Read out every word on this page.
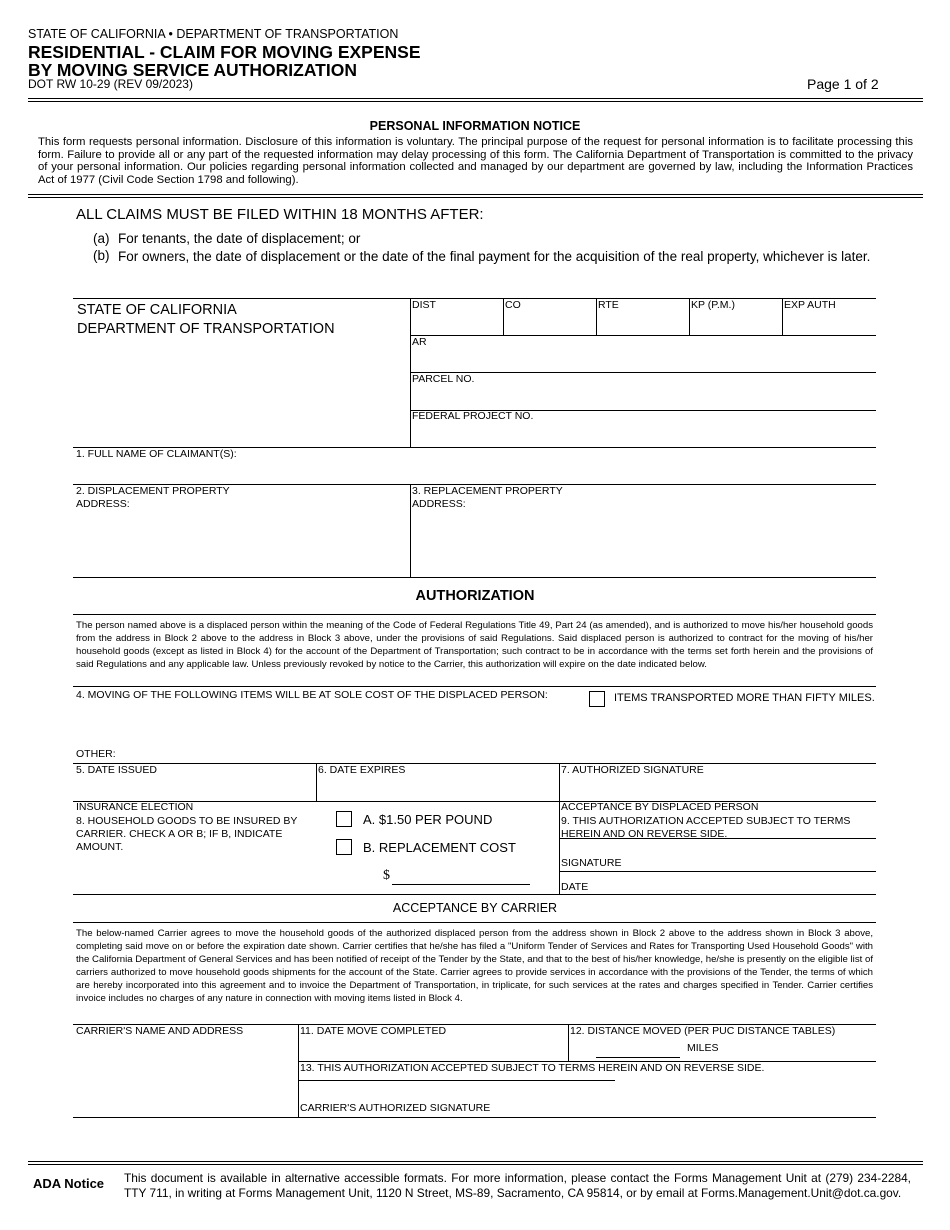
STATE OF CALIFORNIA • DEPARTMENT OF TRANSPORTATION
RESIDENTIAL - CLAIM FOR MOVING EXPENSE
BY MOVING SERVICE AUTHORIZATION
DOT RW 10-29 (REV 09/2023)	Page 1 of 2
PERSONAL INFORMATION NOTICE
This form requests personal information. Disclosure of this information is voluntary. The principal purpose of the request for personal information is to facilitate processing this form. Failure to provide all or any part of the requested information may delay processing of this form. The California Department of Transportation is committed to the privacy of your personal information. Our policies regarding personal information collected and managed by our department are governed by law, including the Information Practices Act of 1977 (Civil Code Section 1798 and following).
ALL CLAIMS MUST BE FILED WITHIN 18 MONTHS AFTER:
(a) For tenants, the date of displacement; or
(b) For owners, the date of displacement or the date of the final payment for the acquisition of the real property, whichever is later.
STATE OF CALIFORNIA
DEPARTMENT OF TRANSPORTATION
DIST	CO	RTE	KP (P.M.)	EXP AUTH
AR
PARCEL NO.
FEDERAL PROJECT NO.
1. FULL NAME OF CLAIMANT(S):
2. DISPLACEMENT PROPERTY
ADDRESS:
3. REPLACEMENT PROPERTY
ADDRESS:
AUTHORIZATION
The person named above is a displaced person within the meaning of the Code of Federal Regulations Title 49, Part 24 (as amended), and is authorized to move his/her household goods from the address in Block 2 above to the address in Block 3 above, under the provisions of said Regulations. Said displaced person is authorized to contract for the moving of his/her household goods (except as listed in Block 4) for the account of the Department of Transportation; such contract to be in accordance with the terms set forth herein and the provisions of said Regulations and any applicable law. Unless previously revoked by notice to the Carrier, this authorization will expire on the date indicated below.
4. MOVING OF THE FOLLOWING ITEMS WILL BE AT SOLE COST OF THE DISPLACED PERSON:	ITEMS TRANSPORTED MORE THAN FIFTY MILES.
OTHER:
5. DATE ISSUED	6. DATE EXPIRES	7. AUTHORIZED SIGNATURE
INSURANCE ELECTION
8. HOUSEHOLD GOODS TO BE INSURED BY
CARRIER. CHECK A OR B; IF B, INDICATE
AMOUNT.
A. $1.50 PER POUND
B. REPLACEMENT COST
$
ACCEPTANCE BY DISPLACED PERSON
9. THIS AUTHORIZATION ACCEPTED SUBJECT TO TERMS
HEREIN AND ON REVERSE SIDE.
SIGNATURE
DATE
ACCEPTANCE BY CARRIER
The below-named Carrier agrees to move the household goods of the authorized displaced person from the address shown in Block 2 above to the address shown in Block 3 above, completing said move on or before the expiration date shown. Carrier certifies that he/she has filed a "Uniform Tender of Services and Rates for Transporting Used Household Goods" with the California Department of General Services and has been notified of receipt of the Tender by the State, and that to the best of his/her knowledge, he/she is presently on the eligible list of carriers authorized to move household goods shipments for the account of the State. Carrier agrees to provide services in accordance with the provisions of the Tender, the terms of which are hereby incorporated into this agreement and to invoice the Department of Transportation, in triplicate, for such services at the rates and charges specified in Tender. Carrier certifies invoice includes no charges of any nature in connection with moving items listed in Block 4.
CARRIER'S NAME AND ADDRESS	11. DATE MOVE COMPLETED	12. DISTANCE MOVED (PER PUC DISTANCE TABLES)
MILES
13. THIS AUTHORIZATION ACCEPTED SUBJECT TO TERMS HEREIN AND ON REVERSE SIDE.
CARRIER'S AUTHORIZED SIGNATURE
ADA Notice This document is available in alternative accessible formats. For more information, please contact the Forms Management Unit at (279) 234-2284, TTY 711, in writing at Forms Management Unit, 1120 N Street, MS-89, Sacramento, CA 95814, or by email at Forms.Management.Unit@dot.ca.gov.
